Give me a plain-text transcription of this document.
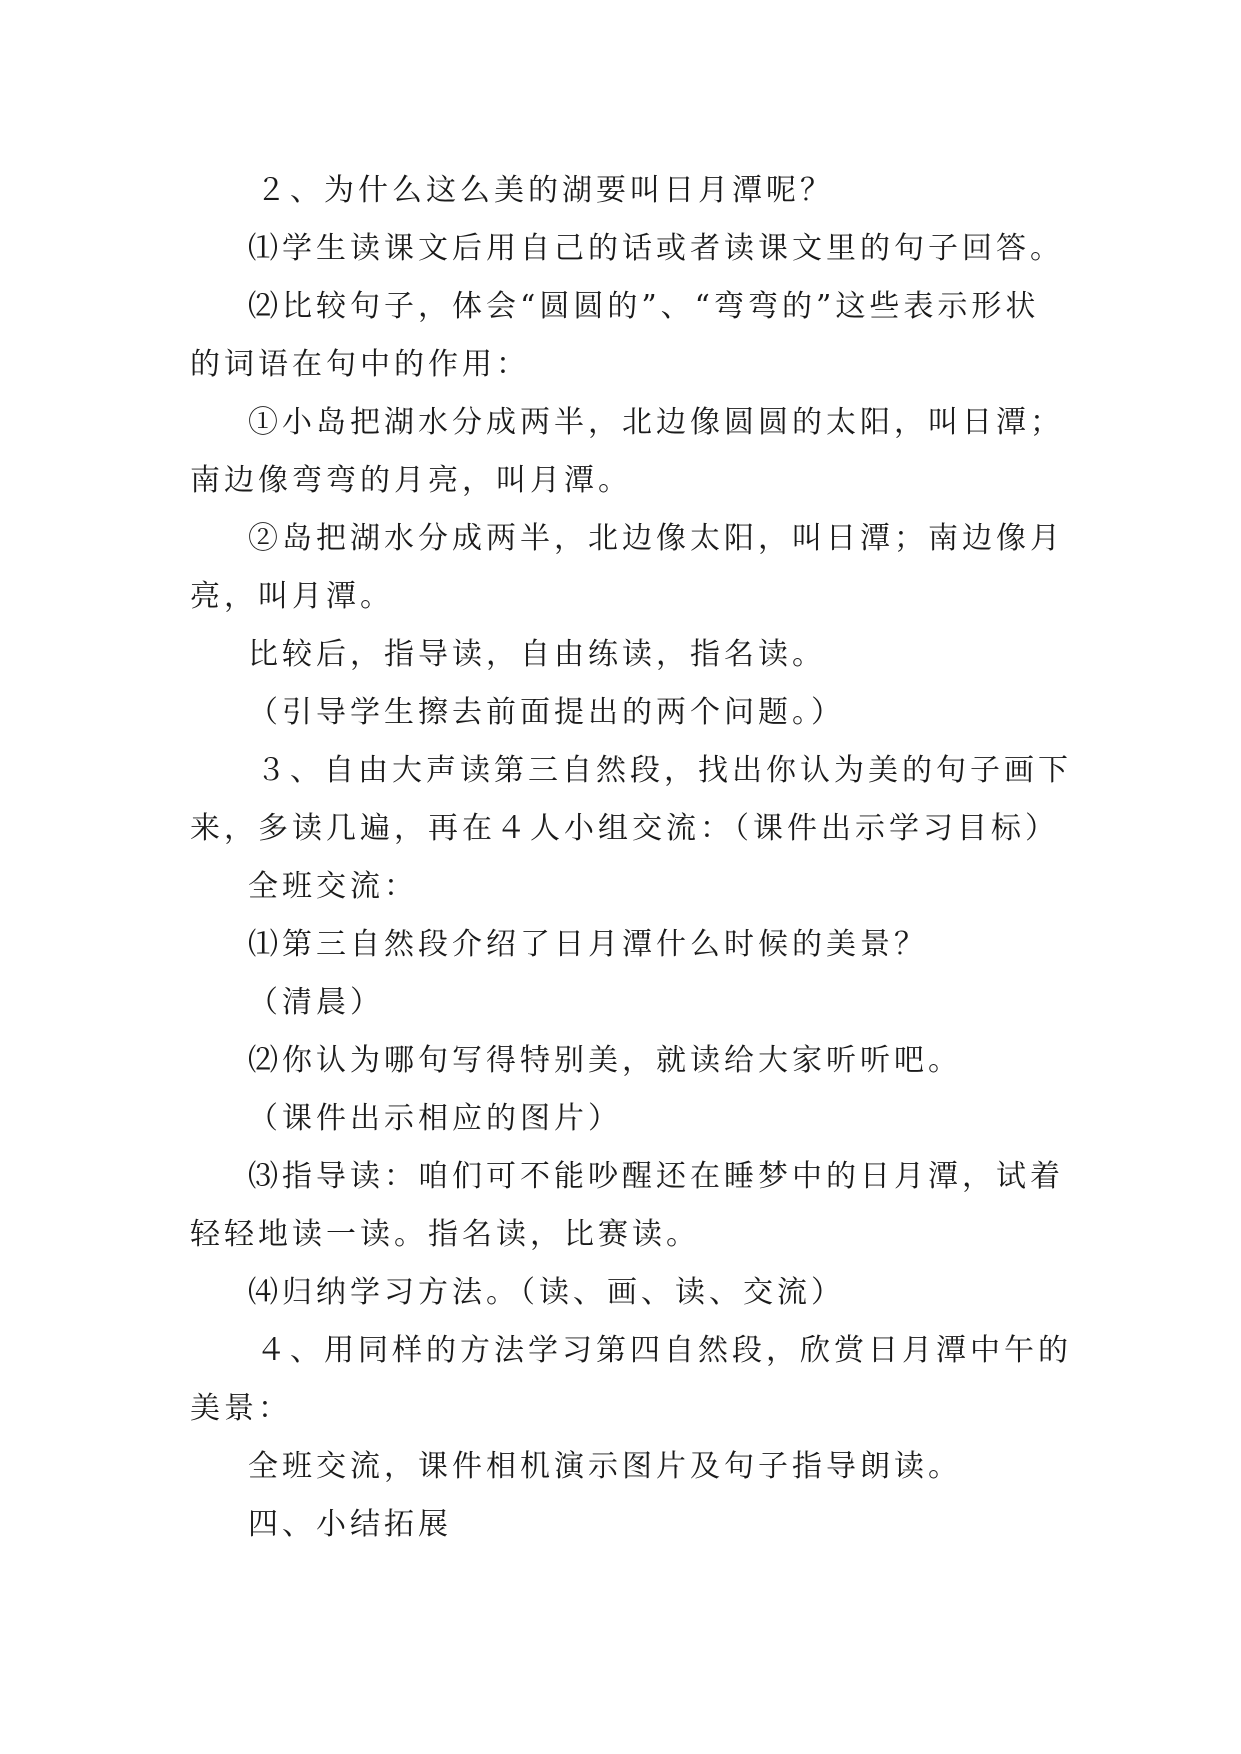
２、为什么这么美的湖要叫日月潭呢？
⑴学生读课文后用自己的话或者读课文里的句子回答。
⑵比较句子，体会“圆圆的”、“弯弯的”这些表示形状
的词语在句中的作用：
①小岛把湖水分成两半，北边像圆圆的太阳，叫日潭；
南边像弯弯的月亮，叫月潭。
②岛把湖水分成两半，北边像太阳，叫日潭；南边像月
亮，叫月潭。
比较后，指导读，自由练读，指名读。
（引导学生擦去前面提出的两个问题。）
３、自由大声读第三自然段，找出你认为美的句子画下
来，多读几遍，再在４人小组交流：（课件出示学习目标）
全班交流：
⑴第三自然段介绍了日月潭什么时候的美景？
（清晨）
⑵你认为哪句写得特别美，就读给大家听听吧。
（课件出示相应的图片）
⑶指导读：咱们可不能吵醒还在睡梦中的日月潭，试着
轻轻地读一读。指名读，比赛读。
⑷归纳学习方法。（读、画、读、交流）
４、用同样的方法学习第四自然段，欣赏日月潭中午的
美景：
全班交流，课件相机演示图片及句子指导朗读。
四、小结拓展
